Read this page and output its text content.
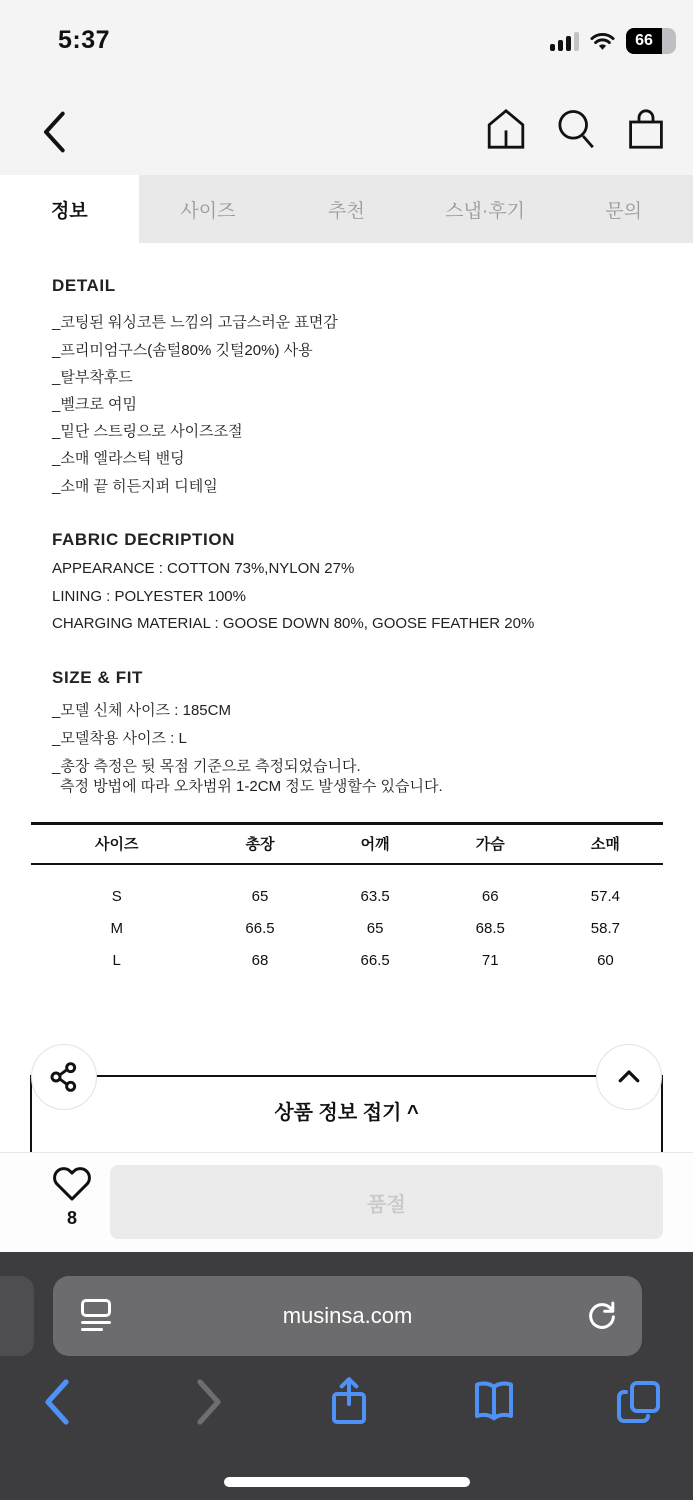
5:37	66
정보	사이즈	추천	스냅·후기	문의
DETAIL
_코팅된 워싱코튼 느낌의 고급스러운 표면감
_프리미엄구스(솜털80% 깃털20%) 사용
_탈부착후드
_벨크로 여밈
_밑단 스트링으로 사이즈조절
_소매 엘라스틱 밴딩
_소매 끝 히든지퍼 디테일
FABRIC DECRIPTION
APPEARANCE : COTTON 73%,NYLON 27%
LINING : POLYESTER 100%
CHARGING MATERIAL : GOOSE DOWN 80%, GOOSE FEATHER 20%
SIZE & FIT
_모델 신체 사이즈 : 185CM
_모델착용 사이즈 : L
_총장 측정은 뒷 목점 기준으로 측정되었습니다.
측정 방법에 따라 오차범위 1-2CM 정도 발생할수 있습니다.
사이즈	총장	어깨	가슴	소매

S	65	63.5	66	57.4
M	66.5	65	68.5	58.7
L	68	66.5	71	60
상품 정보 접기 ^
8
품절
musinsa.com
